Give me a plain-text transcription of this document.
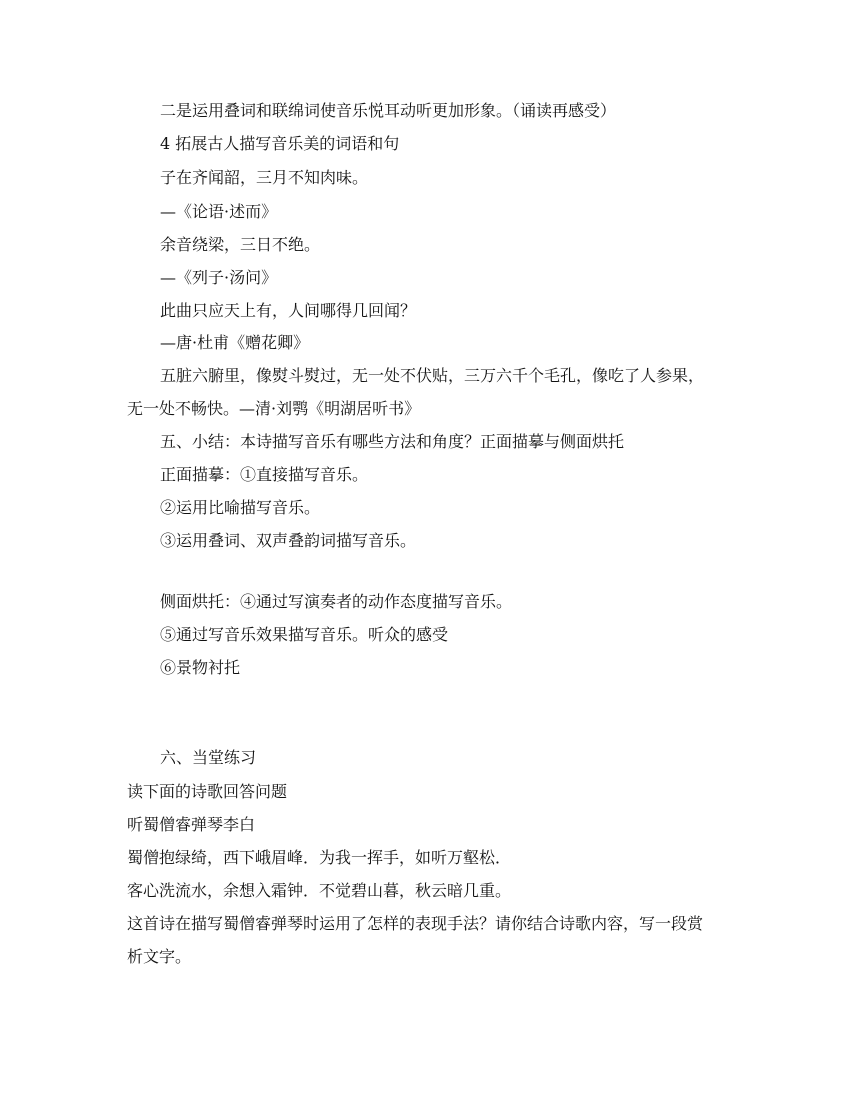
二是运用叠词和联绵词使音乐悦耳动听更加形象。（诵读再感受）
4 拓展古人描写音乐美的词语和句
子在齐闻韶，三月不知肉味。
—《论语·述而》
余音绕梁，三日不绝。
—《列子·汤问》
此曲只应天上有，人间哪得几回闻？
—唐·杜甫《赠花卿》
五脏六腑里，像熨斗熨过，无一处不伏贴，三万六千个毛孔，像吃了人参果，
无一处不畅快。—清·刘鹗《明湖居听书》
五、小结：本诗描写音乐有哪些方法和角度？正面描摹与侧面烘托
正面描摹：①直接描写音乐。
②运用比喻描写音乐。
③运用叠词、双声叠韵词描写音乐。
侧面烘托：④通过写演奏者的动作态度描写音乐。
⑤通过写音乐效果描写音乐。听众的感受
⑥景物衬托
六、当堂练习
读下面的诗歌回答问题
听蜀僧睿弹琴李白
蜀僧抱绿绮，西下峨眉峰．为我一挥手，如听万壑松．
客心洗流水，余想入霜钟．不觉碧山暮，秋云暗几重。
这首诗在描写蜀僧睿弹琴时运用了怎样的表现手法？请你结合诗歌内容，写一段赏
析文字。
